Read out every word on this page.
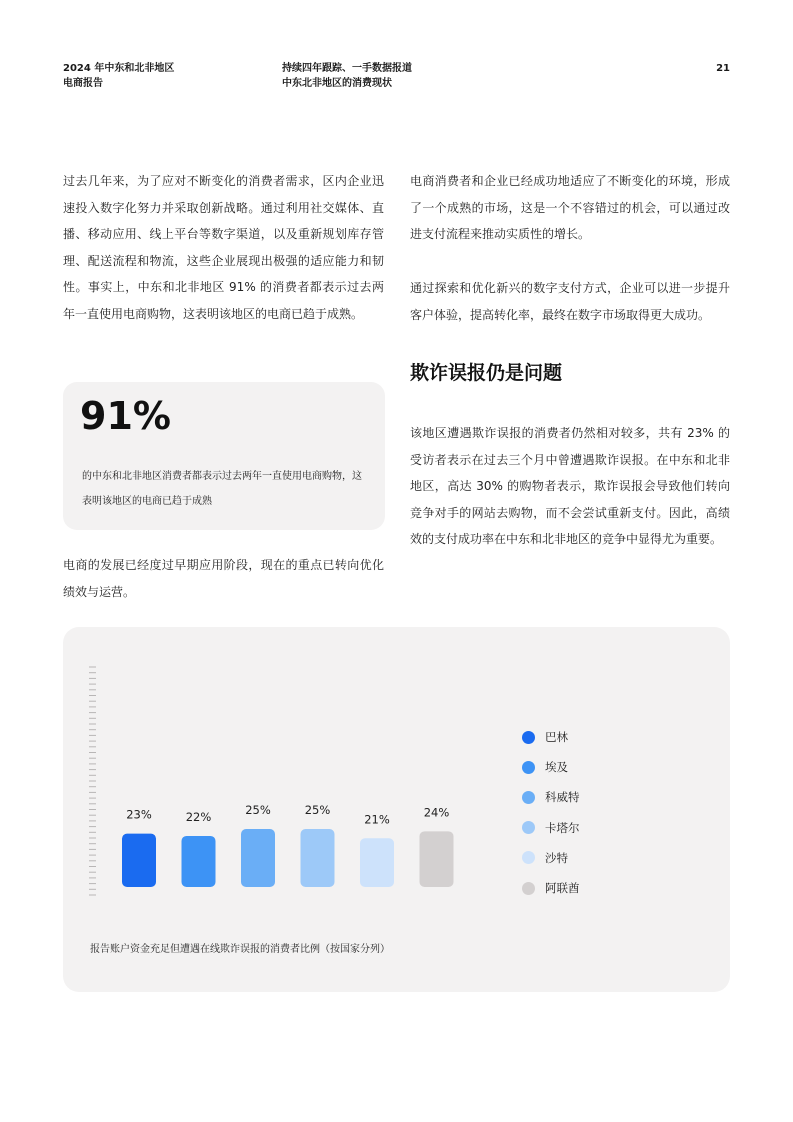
2024 年中东和北非地区
电商报告
持续四年跟踪、一手数据报道
中东北非地区的消费现状
21

过去几年来，为了应对不断变化的消费者需求，区内企业迅速投入数字化努力并采取创新战略。通过利用社交媒体、直播、移动应用、线上平台等数字渠道，以及重新规划库存管理、配送流程和物流，这些企业展现出极强的适应能力和韧性。事实上，中东和北非地区 91% 的消费者都表示过去两年一直使用电商购物，这表明该地区的电商已趋于成熟。

91%
的中东和北非地区消费者都表示过去两年一直使用电商购物，这表明该地区的电商已趋于成熟

电商的发展已经度过早期应用阶段，现在的重点已转向优化绩效与运营。

电商消费者和企业已经成功地适应了不断变化的环境，形成了一个成熟的市场，这是一个不容错过的机会，可以通过改进支付流程来推动实质性的增长。

通过探索和优化新兴的数字支付方式，企业可以进一步提升客户体验，提高转化率，最终在数字市场取得更大成功。

欺诈误报仍是问题

该地区遭遇欺诈误报的消费者仍然相对较多，共有 23% 的受访者表示在过去三个月中曾遭遇欺诈误报。在中东和北非地区，高达 30% 的购物者表示，欺诈误报会导致他们转向竞争对手的网站去购物，而不会尝试重新支付。因此，高绩效的支付成功率在中东和北非地区的竞争中显得尤为重要。

23%	22%	25%	25%
21%	24%
巴林
埃及
科威特
卡塔尔
沙特
阿联酋
报告账户资金充足但遭遇在线欺诈误报的消费者比例（按国家分列）
